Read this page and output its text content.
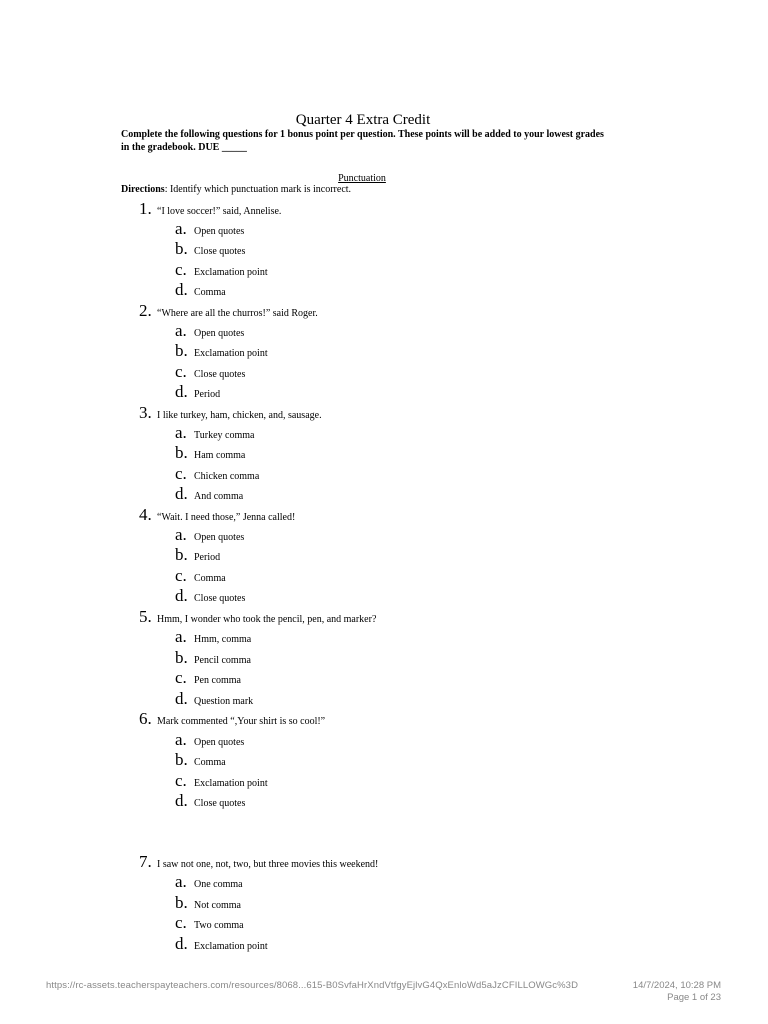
Quarter 4 Extra Credit
Complete the following questions for 1 bonus point per question. These points will be added to your lowest grades in the gradebook. DUE _____
Punctuation
Directions: Identify which punctuation mark is incorrect.
1. “I love soccer!” said, Annelise.
a. Open quotes
b. Close quotes
c. Exclamation point
d. Comma
2. “Where are all the churros!” said Roger.
a. Open quotes
b. Exclamation point
c. Close quotes
d. Period
3. I like turkey, ham, chicken, and, sausage.
a. Turkey comma
b. Ham comma
c. Chicken comma
d. And comma
4. “Wait. I need those,” Jenna called!
a. Open quotes
b. Period
c. Comma
d. Close quotes
5. Hmm, I wonder who took the pencil, pen, and marker?
a. Hmm, comma
b. Pencil comma
c. Pen comma
d. Question mark
6. Mark commented “,Your shirt is so cool!”
a. Open quotes
b. Comma
c. Exclamation point
d. Close quotes
7. I saw not one, not, two, but three movies this weekend!
a. One comma
b. Not comma
c. Two comma
d. Exclamation point
https://rc-assets.teacherspayteachers.com/resources/8068...615-B0SvfaHrXndVtfgyEjlvG4QxEnloWd5aJzCFILLOWGc%3D	14/7/2024, 10:28 PM
Page 1 of 23
